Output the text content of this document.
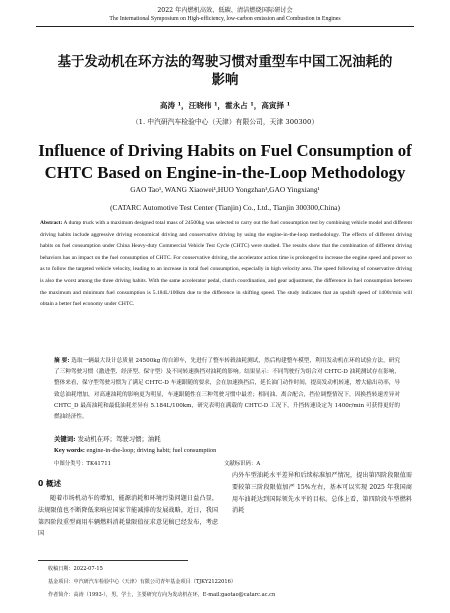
2022 年内燃机高效、低碳、清洁燃烧国际研讨会
The International Symposium on High-efficiency, low-carbon emission and Combustion in Engines
基于发动机在环方法的驾驶习惯对重型车中国工况油耗的
影响
高涛 ¹，汪晓伟 ¹，霍永占 ¹，高寅择 ¹
（1. 中汽研汽车检验中心（天津）有限公司，天津 300300）
Influence of Driving Habits on Fuel Consumption of
CHTC Based on Engine-in-the-Loop Methodology
GAO Tao¹, WANG Xiaowei¹,HUO Yongzhan¹,GAO Yingxiang¹
(CATARC Automotive Test Center (Tianjin) Co., Ltd., Tianjin 300300,China)
Abstract: A dump truck with a maximum designed total mass of 24500kg was selected to carry out the fuel consumption test by combining vehicle model and different driving habits include aggressive driving economical driving and conservative driving by using the engine-in-the-loop methodology. The effects of different driving habits on fuel consumption under China Heavy-duty Commercial Vehicle Test Cycle (CHTC) were studied. The results show that the combination of different driving behaviors has an impact on the fuel consumption of CHTC. For conservative driving, the accelerator action time is prolonged to increase the engine speed and power so as to follow the targeted vehicle velocity, leading to an increase in total fuel consumption, especially in high velocity area. The speed following of conservative driving is also the worst among the three driving habits. With the same accelerator pedal, clutch coordination, and gear adjustment, the difference in fuel consumption between the maximum and minimum fuel consumption is 5.184L/100km due to the difference in shifting speed. The study indicates that an upshift speed of 1400r/min will obtain a better fuel economy under CHTC.
摘 要: 选取一辆最大设计总质量 24500kg 的自卸车，先进行了整车转毂油耗测试，然后构建整车模型，利用发动机在环的试验方法，研究了三种驾驶习惯（激进型、经济型、保守型）及不同转速换挡对油耗的影响。结果显示：不同驾驶行为组合对 CHTC-D 油耗测试存在影响，整体来看，保守型驾驶习惯为了满足 CHTC-D 车速跟随的要求，会在加速换挡后，延长油门动作时间，提高发动机转速，增大输出功率，导致总油耗增加，对高速油耗的影响更为明显，车速跟随性在三种驾驶习惯中最差；相同油、离合配合，挡位调整情况下，因换挡转速差异对 CHTC_D 最高油耗和最低油耗差异有 5.184L/100km，研究表明在满载的 CHTC-D 工况下，升挡转速设定为 1400r/min 可获得更好的燃油经济性。
关键词: 发动机在环；驾驶习惯；油耗
Key words: engine-in-the-loop; driving habit; fuel consumption
中图分类号：TK41711	文献标识码：A
0 概述
随着市场机动车的增加，能源消耗和环境污染问题日益凸显，法规限值也不断降低来响应国家节能减排的发展战略，近日，我国第四阶段重型商用车辆燃料消耗量限值征求意见稿已经发布，考虑国
内外车型油耗水平差异和后续标准加严情况，提出第四阶段限值需要较第三阶段限值加严 15%左右，基本可以实现 2025 年我国商用车油耗达到国际领先水平的目标。总体上看，第四阶段车型燃料消耗
收稿日期：2022-07-15
基金项目：中汽研汽车检验中心（天津）有限公司青年基金项目（TJKY2122016）
作者简介：高涛（1993-），男，学士，主要研究方向为发动机在环，E-mail:gaotao@catarc.ac.cn
